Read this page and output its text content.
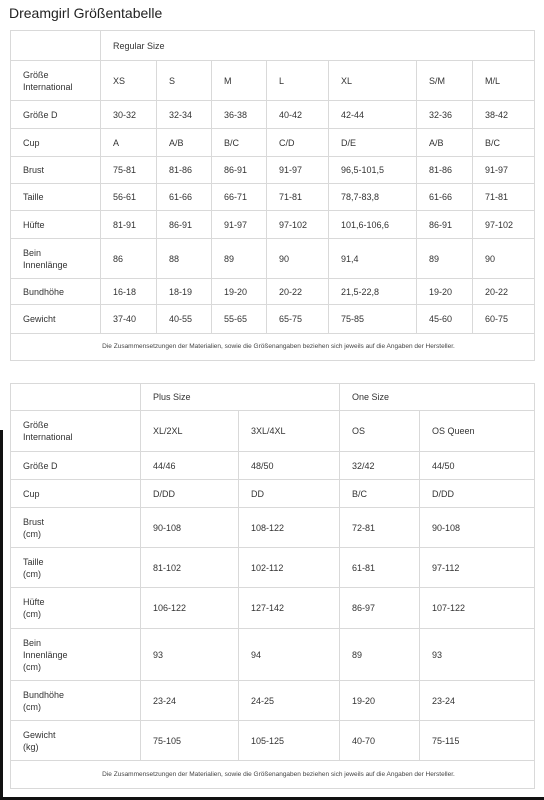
Dreamgirl Größentabelle
	Regular Size						
Größe
International	XS	S	M	L	XL	S/M	M/L
Größe D	30-32	32-34	36-38	40-42	42-44	32-36	38-42
Cup	A	A/B	B/C	C/D	D/E	A/B	B/C
Brust	75-81	81-86	86-91	91-97	96,5-101,5	81-86	91-97
Taille	56-61	61-66	66-71	71-81	78,7-83,8	61-66	71-81
Hüfte	81-91	86-91	91-97	97-102	101,6-106,6	86-91	97-102
Bein
Innenlänge	86	88	89	90	91,4	89	90
Bundhöhe	16-18	18-19	19-20	20-22	21,5-22,8	19-20	20-22
Gewicht	37-40	40-55	55-65	65-75	75-85	45-60	60-75
Die Zusammensetzungen der Materialien, sowie die Größenangaben beziehen sich jeweils auf die Angaben der Hersteller.							
	Plus Size		One Size	
Größe
International	XL/2XL	3XL/4XL	OS	OS Queen
Größe D	44/46	48/50	32/42	44/50
Cup	D/DD	DD	B/C	D/DD
Brust
(cm)	90-108	108-122	72-81	90-108
Taille
(cm)	81-102	102-112	61-81	97-112
Hüfte
(cm)	106-122	127-142	86-97	107-122
Bein
Innenlänge
(cm)	93	94	89	93
Bundhöhe
(cm)	23-24	24-25	19-20	23-24
Gewicht
(kg)	75-105	105-125	40-70	75-115
Die Zusammensetzungen der Materialien, sowie die Größenangaben beziehen sich jeweils auf die Angaben der Hersteller.				
